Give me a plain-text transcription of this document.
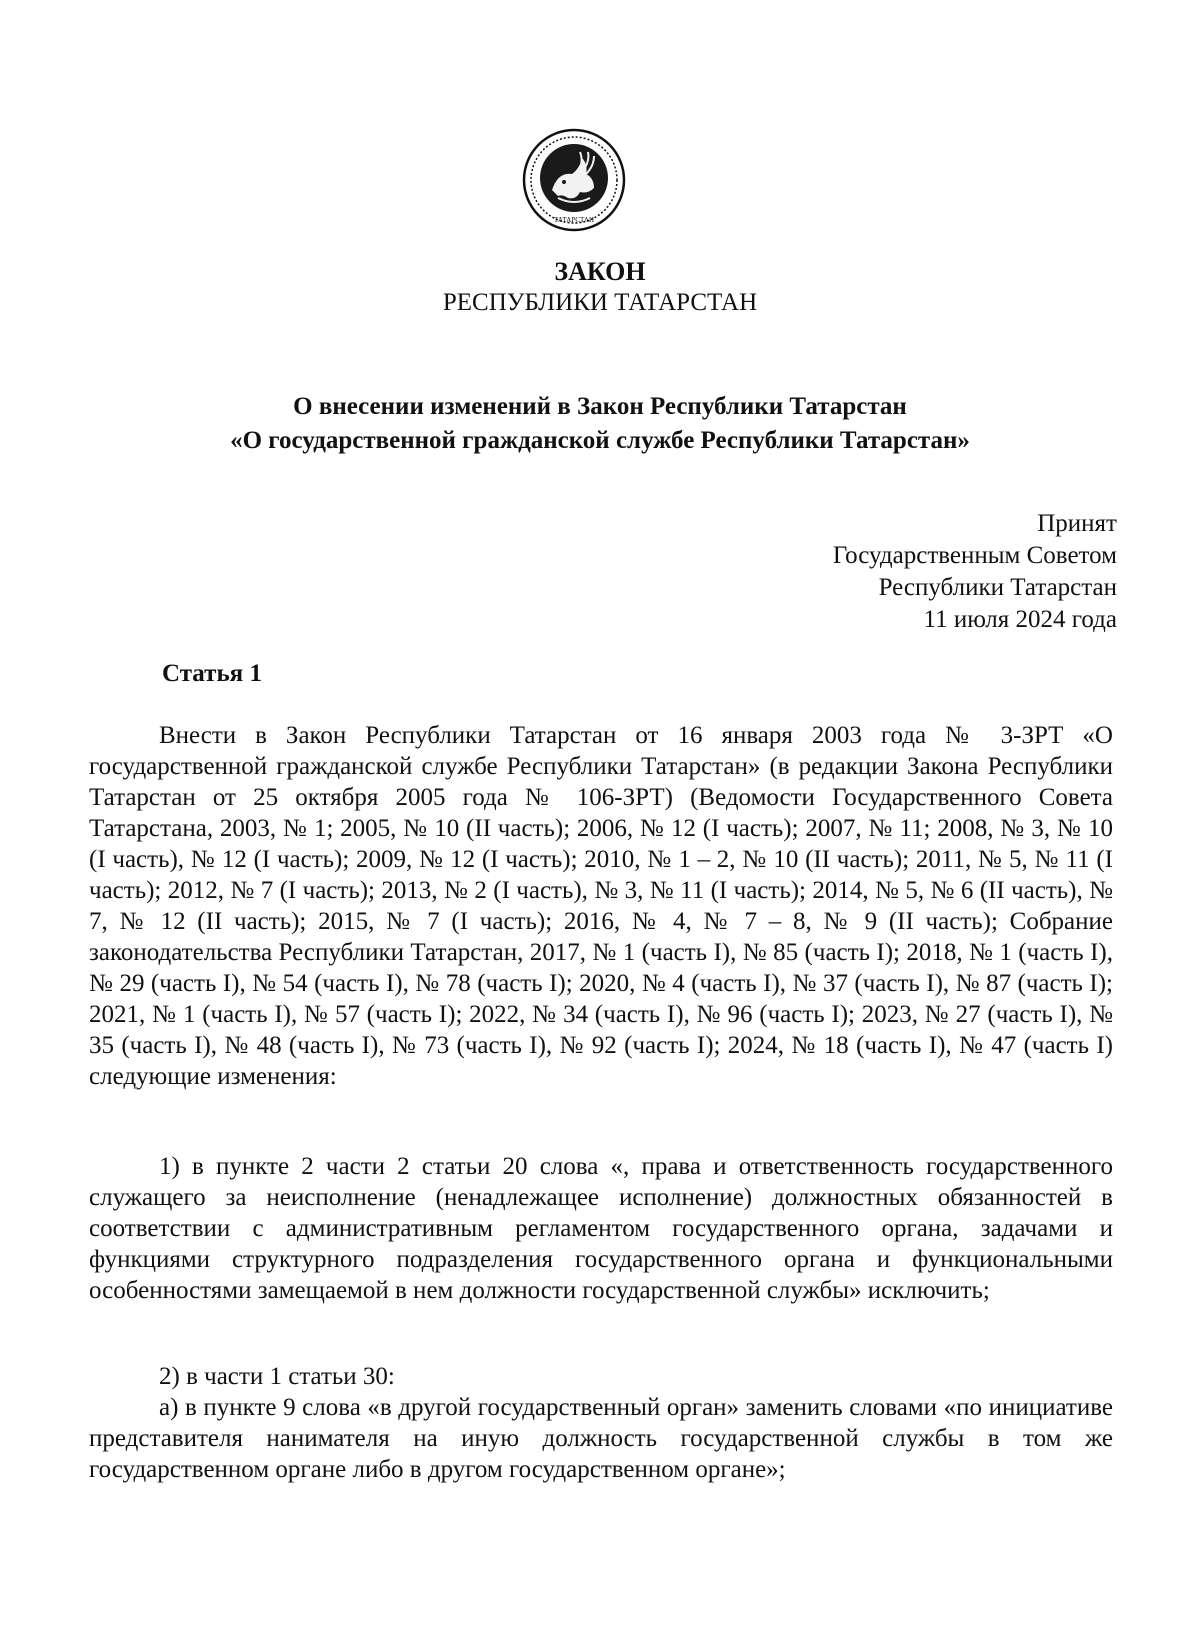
ТАТАРСТАН
ЗАКОН
РЕСПУБЛИКИ ТАТАРСТАН
О внесении изменений в Закон Республики Татарстан
«О государственной гражданской службе Республики Татарстан»
Принят
Государственным Советом
Республики Татарстан
11 июля 2024 года
Статья 1

Внести в Закон Республики Татарстан от 16 января 2003 года № 3-ЗРТ «О государственной гражданской службе Республики Татарстан» (в редакции Закона Республики Татарстан от 25 октября 2005 года № 106-ЗРТ) (Ведомости Государственного Совета Татарстана, 2003, № 1; 2005, № 10 (II часть); 2006, № 12 (I часть); 2007, № 11; 2008, № 3, № 10 (I часть), № 12 (I часть); 2009, № 12 (I часть); 2010, № 1 – 2, № 10 (II часть); 2011, № 5, № 11 (I часть); 2012, № 7 (I часть); 2013, № 2 (I часть), № 3, № 11 (I часть); 2014, № 5, № 6 (II часть), № 7, № 12 (II часть); 2015, № 7 (I часть); 2016, № 4, № 7 – 8, № 9 (II часть); Собрание законодательства Республики Татарстан, 2017, № 1 (часть I), № 85 (часть I); 2018, № 1 (часть I), № 29 (часть I), № 54 (часть I), № 78 (часть I); 2020, № 4 (часть I), № 37 (часть I), № 87 (часть I); 2021, № 1 (часть I), № 57 (часть I); 2022, № 34 (часть I), № 96 (часть I); 2023, № 27 (часть I), № 35 (часть I), № 48 (часть I), № 73 (часть I), № 92 (часть I); 2024, № 18 (часть I), № 47 (часть I) следующие изменения:

1) в пункте 2 части 2 статьи 20 слова «, права и ответственность государственного служащего за неисполнение (ненадлежащее исполнение) должностных обязанностей в соответствии с административным регламентом государственного органа, задачами и функциями структурного подразделения государственного органа и функциональными особенностями замещаемой в нем должности государственной службы» исключить;

2) в части 1 статьи 30:

а) в пункте 9 слова «в другой государственный орган» заменить словами «по инициативе представителя нанимателя на иную должность государственной службы в том же государственном органе либо в другом государственном органе»;
